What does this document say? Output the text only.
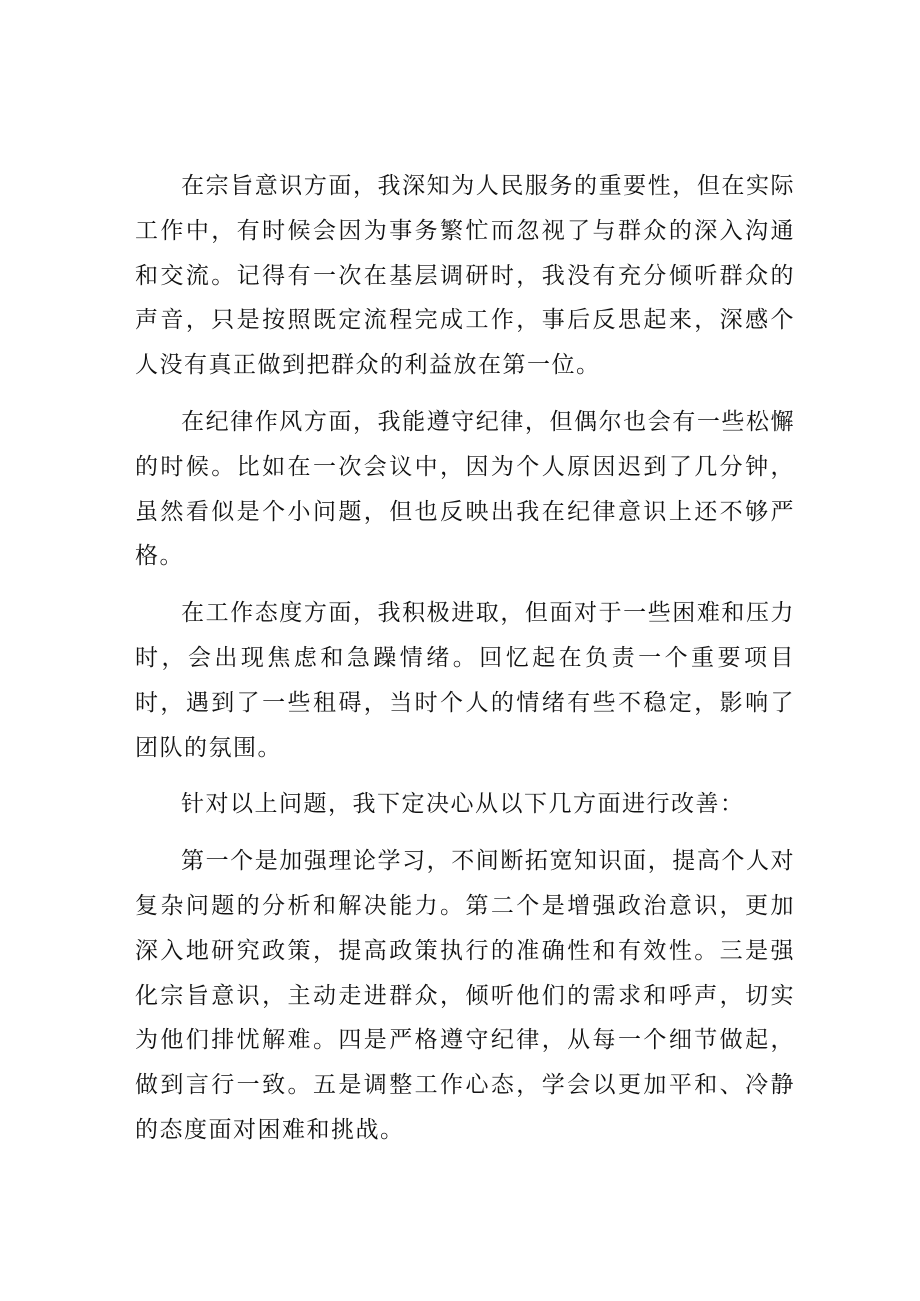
在宗旨意识方面，我深知为人民服务的重要性，但在实际工作中，有时候会因为事务繁忙而忽视了与群众的深入沟通和交流。记得有一次在基层调研时，我没有充分倾听群众的声音，只是按照既定流程完成工作，事后反思起来，深感个人没有真正做到把群众的利益放在第一位。

在纪律作风方面，我能遵守纪律，但偶尔也会有一些松懈的时候。比如在一次会议中，因为个人原因迟到了几分钟，虽然看似是个小问题，但也反映出我在纪律意识上还不够严格。

在工作态度方面，我积极进取，但面对于一些困难和压力时，会出现焦虑和急躁情绪。回忆起在负责一个重要项目时，遇到了一些租碍，当时个人的情绪有些不稳定，影响了团队的氛围。

针对以上问题，我下定决心从以下几方面进行改善：

第一个是加强理论学习，不间断拓宽知识面，提高个人对复杂问题的分析和解决能力。第二个是增强政治意识，更加深入地研究政策，提高政策执行的准确性和有效性。三是强化宗旨意识，主动走进群众，倾听他们的需求和呼声，切实为他们排忧解难。四是严格遵守纪律，从每一个细节做起，做到言行一致。五是调整工作心态，学会以更加平和、冷静的态度面对困难和挑战。
